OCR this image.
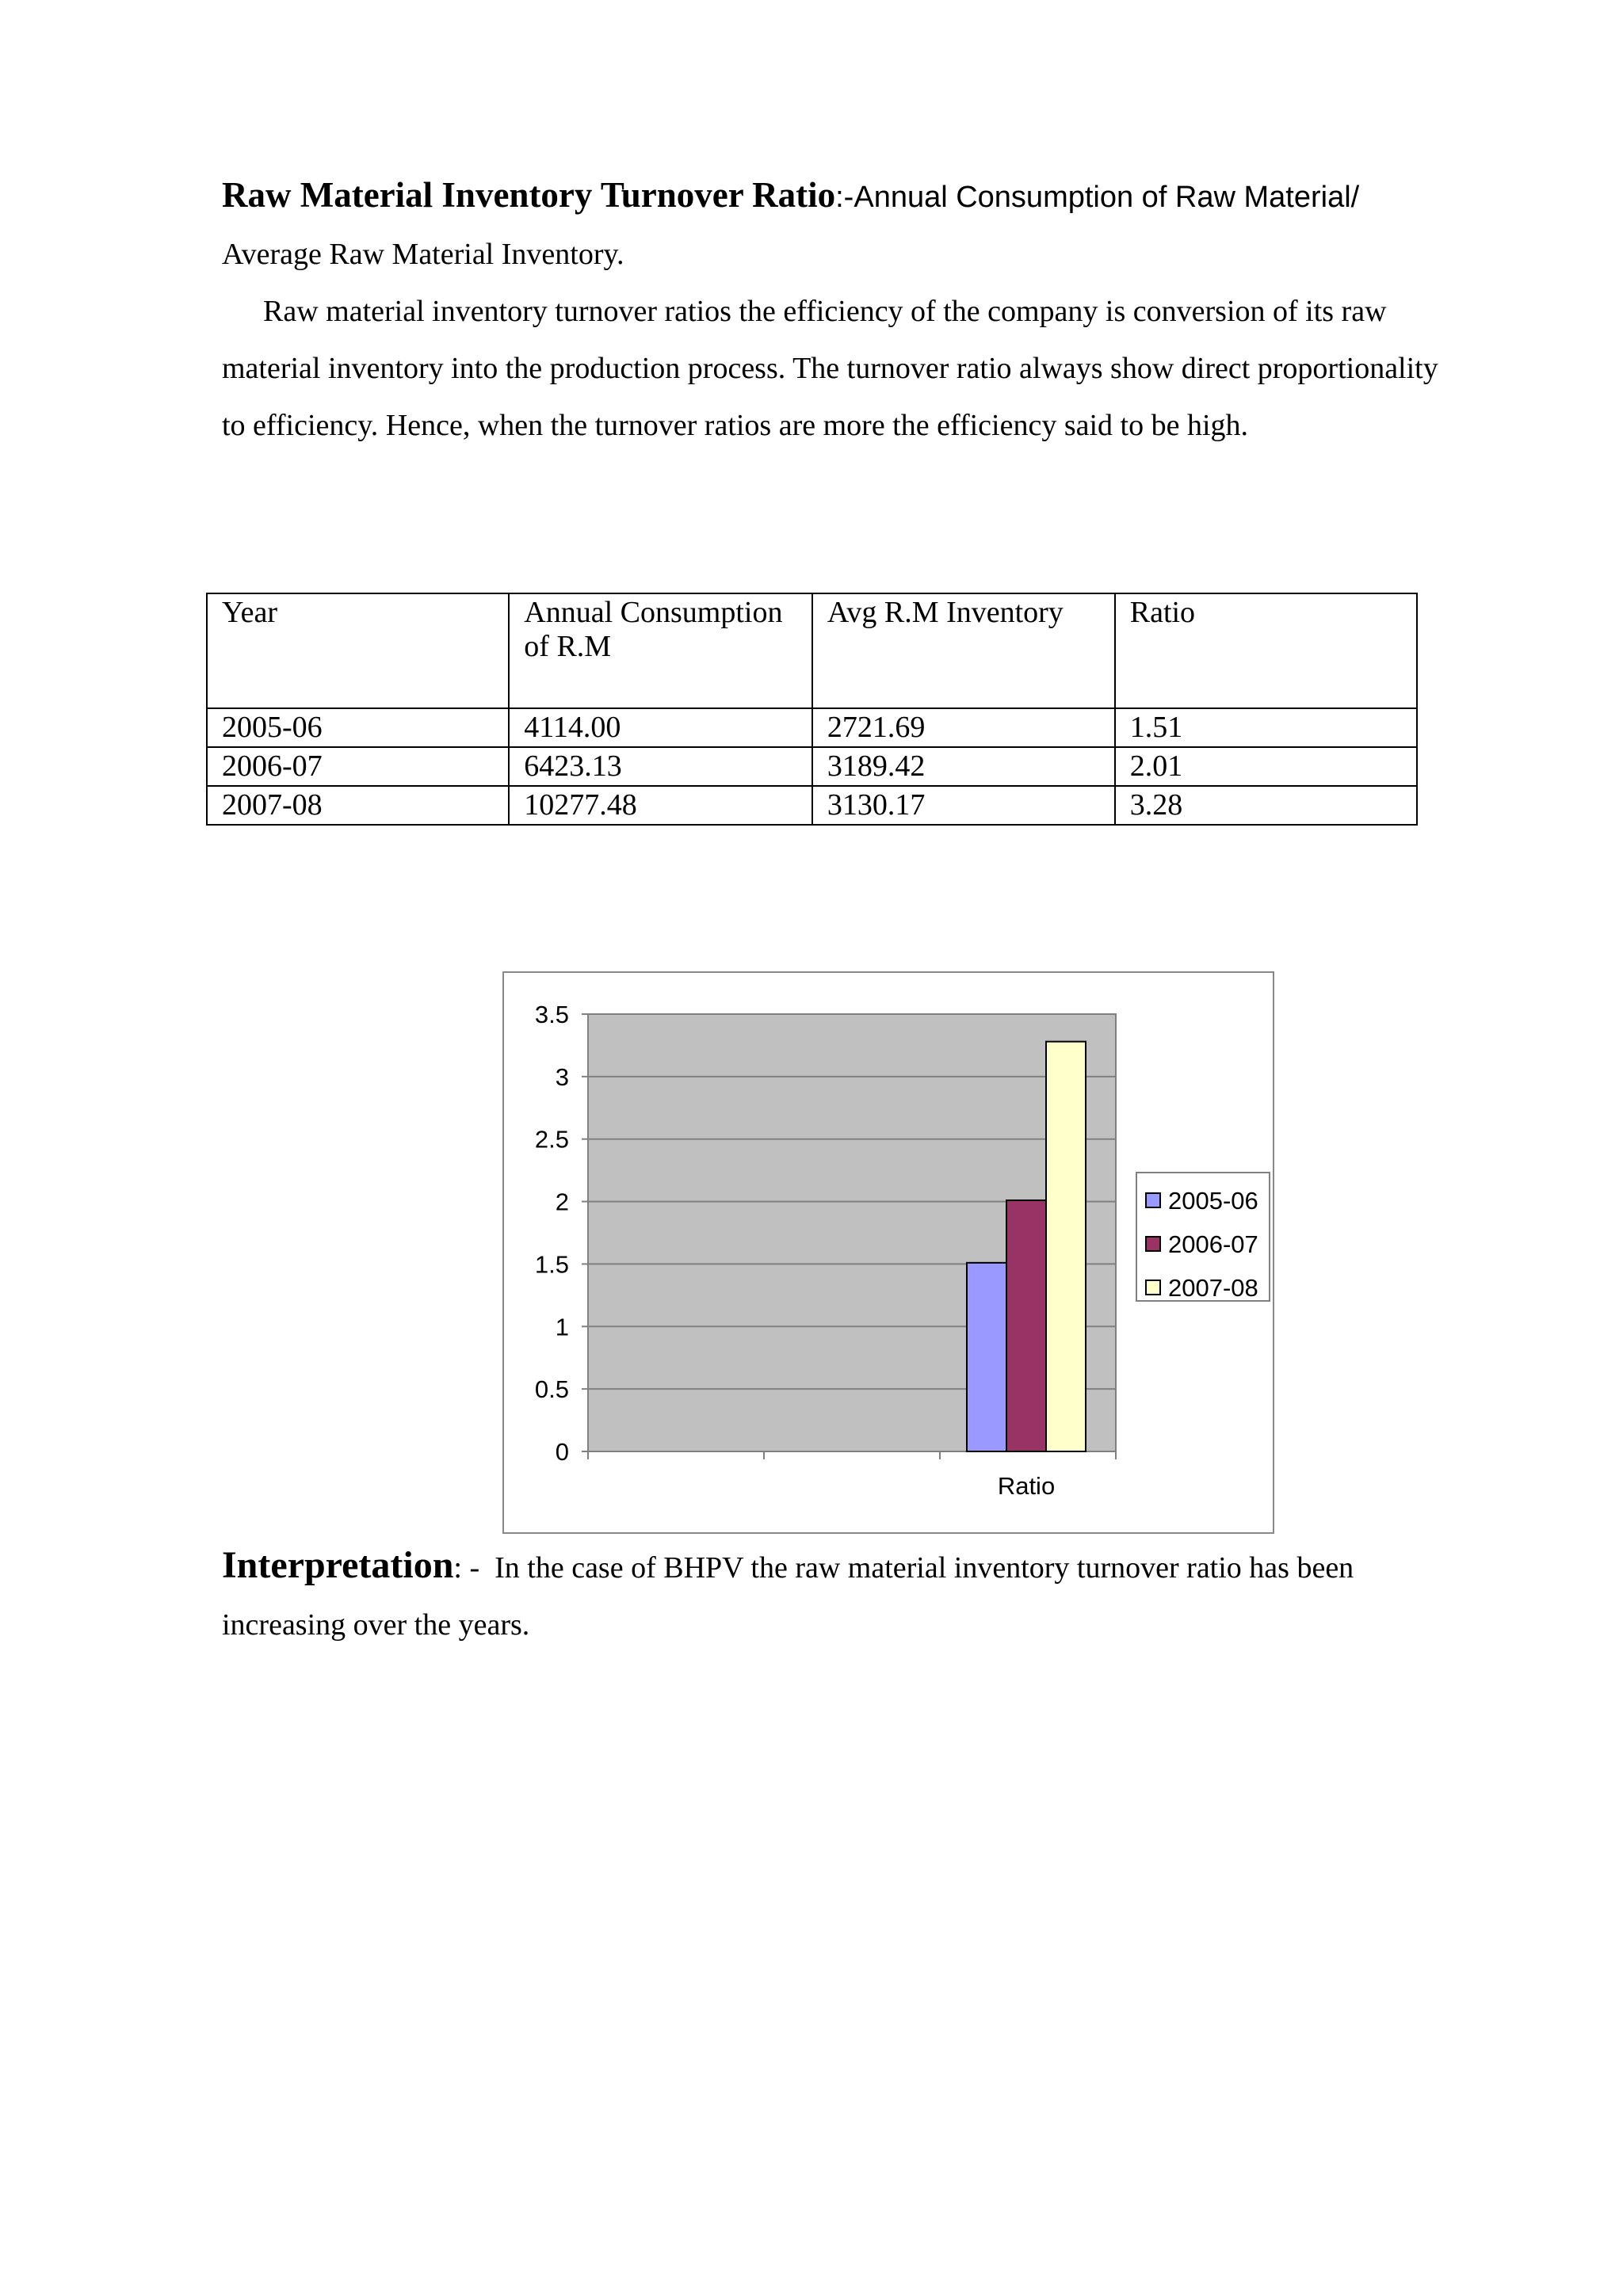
Raw Material Inventory Turnover Ratio:-Annual Consumption of Raw Material/
Average Raw Material Inventory.
Raw material inventory turnover ratios the efficiency of the company is conversion of its raw material inventory into the production process. The turnover ratio always show direct proportionality to efficiency. Hence, when the turnover ratios are more the efficiency said to be high.
Year	Annual Consumption of R.M	Avg R.M Inventory	Ratio
2005-06	4114.00	2721.69	1.51
2006-07	6423.13	3189.42	2.01
2007-08	10277.48	3130.17	3.28
0
0.5
1
1.5
2
2.5
3
3.5
Ratio
2005-06
2006-07
2007-08
Interpretation: - In the case of BHPV the raw material inventory turnover ratio has been increasing over the years.
